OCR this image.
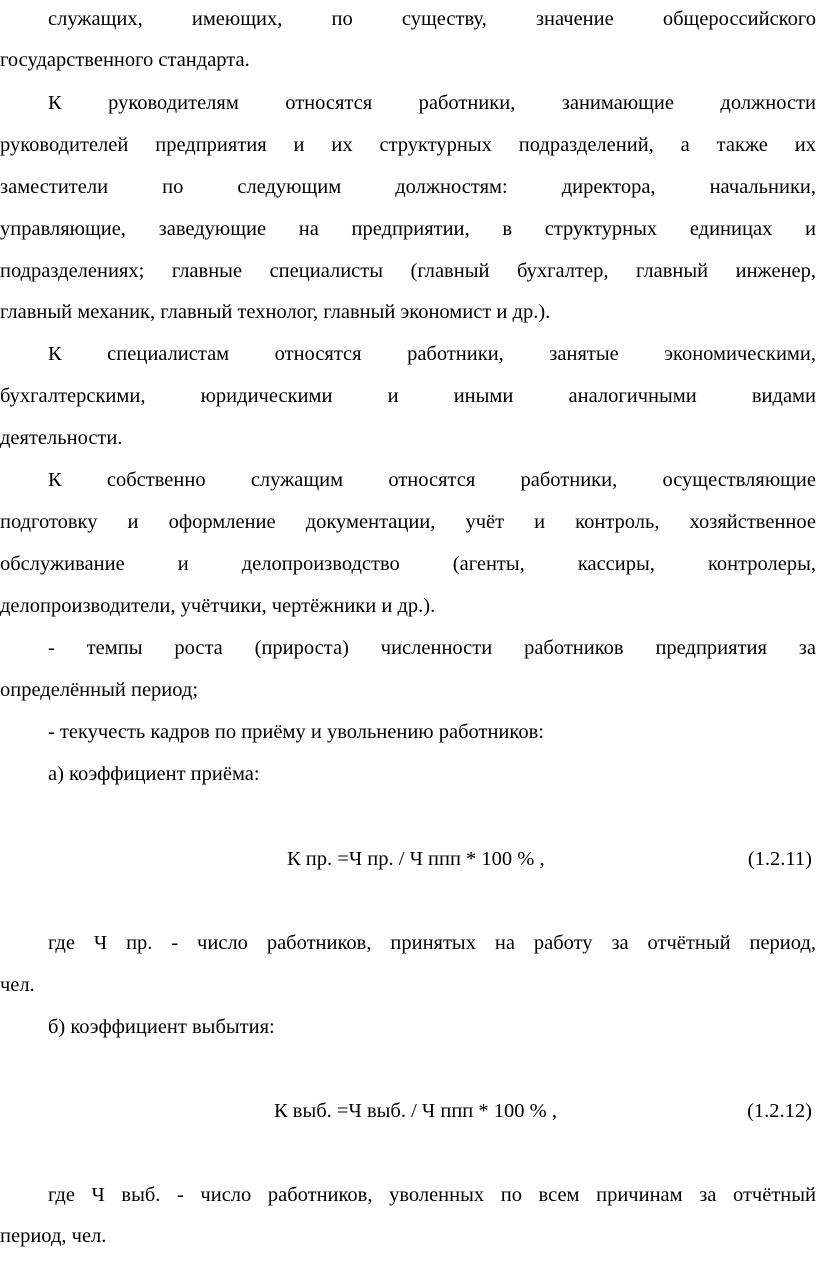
служащих, имеющих, по существу, значение общероссийского
государственного стандарта.
К руководителям относятся работники, занимающие должности
руководителей предприятия и их структурных подразделений, а также их
заместители по следующим должностям: директора, начальники,
управляющие, заведующие на предприятии, в структурных единицах и
подразделениях; главные специалисты (главный бухгалтер, главный инженер,
главный механик, главный технолог, главный экономист и др.).
К специалистам относятся работники, занятые экономическими,
бухгалтерскими, юридическими и иными аналогичными видами
деятельности.
К собственно служащим относятся работники, осуществляющие
подготовку и оформление документации, учёт и контроль, хозяйственное
обслуживание и делопроизводство (агенты, кассиры, контролеры,
делопроизводители, учётчики, чертёжники и др.).
- темпы роста (прироста) численности работников предприятия за
определённый период;
- текучесть кадров по приёму и увольнению работников:
а) коэффициент приёма:
К пр. =Ч пр. / Ч ппп * 100 % ,	(1.2.11)
где Ч пр. - число работников, принятых на работу за отчётный период,
чел.
б) коэффициент выбытия:
К выб. =Ч выб. / Ч ппп * 100 % ,	(1.2.12)
где Ч выб. - число работников, уволенных по всем причинам за отчётный
период, чел.
